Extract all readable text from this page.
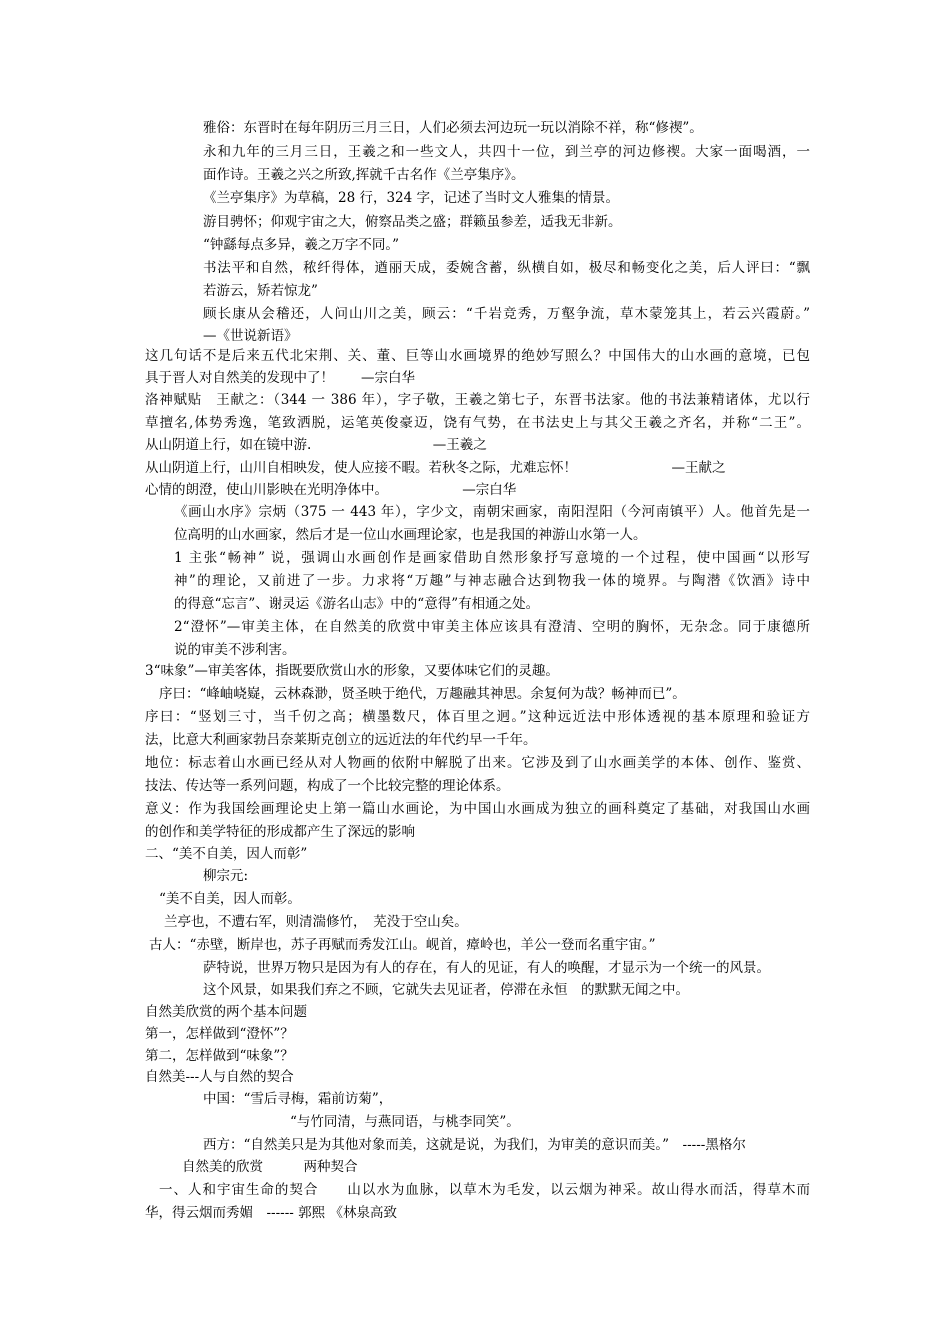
雅俗：东晋时在每年阴历三月三日，人们必须去河边玩一玩以消除不祥，称“修禊”。
永和九年的三月三日，王羲之和一些文人，共四十一位，到兰亭的河边修禊。大家一面喝酒，一
面作诗。王羲之兴之所致,挥就千古名作《兰亭集序》。
《兰亭集序》为草稿，28 行，324 字，记述了当时文人雅集的情景。
游目骋怀；仰观宇宙之大，俯察品类之盛；群籁虽参差，适我无非新。
“钟繇每点多异，羲之万字不同。”
书法平和自然，秾纤得体，遒丽天成，委婉含蓄，纵横自如，极尽和畅变化之美，后人评曰：“飘
若游云，矫若惊龙”
顾长康从会稽还，人问山川之美，顾云：“千岩竞秀，万壑争流，草木蒙笼其上，若云兴霞蔚。”
—《世说新语》
这几句话不是后来五代北宋荆、关、董、巨等山水画境界的绝妙写照么？中国伟大的山水画的意境，已包
具于晋人对自然美的发现中了！　　—宗白华
洛神赋贴　王献之：（344 一 386 年），字子敬，王羲之第七子，东晋书法家。他的书法兼精诸体，尤以行
草擅名,体势秀逸，笔致洒脱，运笔英俊豪迈，饶有气势，在书法史上与其父王羲之齐名，并称“二王”。
从山阴道上行，如在镜中游.　　　　　　　　　—王羲之
从山阴道上行，山川自相映发，使人应接不暇。若秋冬之际，尤难忘怀！　　　　　　　—王献之
心情的朗澄，使山川影映在光明净体中。　　　　　　—宗白华
《画山水序》宗炳（375 一 443 年），字少文，南朝宋画家，南阳涅阳（今河南镇平）人。他首先是一
位高明的山水画家，然后才是一位山水画理论家，也是我国的神游山水第一人。
1 主张“畅神” 说，强调山水画创作是画家借助自然形象抒写意境的一个过程，使中国画“以形写
神”的理论，又前进了一步。力求将“万趣”与神志融合达到物我一体的境界。与陶潜《饮酒》诗中
的得意“忘言”、谢灵运《游名山志》中的“意得”有相通之处。
2“澄怀”—审美主体，在自然美的欣赏中审美主体应该具有澄清、空明的胸怀，无杂念。同于康德所
说的审美不涉利害。
3“味象”—审美客体，指既要欣赏山水的形象，又要体味它们的灵趣。
序曰：“峰岫峣嶷，云林森渺，贤圣映于绝代，万趣融其神思。余复何为哉？畅神而已”。
序曰：“竖划三寸，当千仞之高；横墨数尺，体百里之迥。”这种远近法中形体透视的基本原理和验证方
法，比意大利画家勃吕奈莱斯克创立的远近法的年代约早一千年。
地位：标志着山水画已经从对人物画的依附中解脱了出来。它涉及到了山水画美学的本体、创作、鉴赏、
技法、传达等一系列问题，构成了一个比较完整的理论体系。
意义：作为我国绘画理论史上第一篇山水画论，为中国山水画成为独立的画科奠定了基础，对我国山水画
的创作和美学特征的形成都产生了深远的影响
二、“美不自美，因人而彰”
柳宗元:
“美不自美，因人而彰。
兰亭也，不遭右军，则清湍修竹，　芜没于空山矣。
古人：“赤壁，断岸也，苏子再赋而秀发江山。岘首，瘴岭也，羊公一登而名重宇宙。”
萨特说，世界万物只是因为有人的存在，有人的见证，有人的唤醒，才显示为一个统一的风景。
这个风景，如果我们弃之不顾，它就失去见证者，停滞在永恒　的默默无闻之中。
自然美欣赏的两个基本问题
第一，怎样做到“澄怀”？
第二，怎样做到“味象”？
自然美---人与自然的契合
中国：“雪后寻梅，霜前访菊”，
“与竹同清，与燕同语，与桃李同笑”。
西方：“自然美只是为其他对象而美，这就是说，为我们，为审美的意识而美。”　-----黑格尔
自然美的欣赏　　　两种契合
一、人和宇宙生命的契合　　山以水为血脉，以草木为毛发，以云烟为神采。故山得水而活，得草木而
华，得云烟而秀媚　------ 郭熙 《林泉高致
